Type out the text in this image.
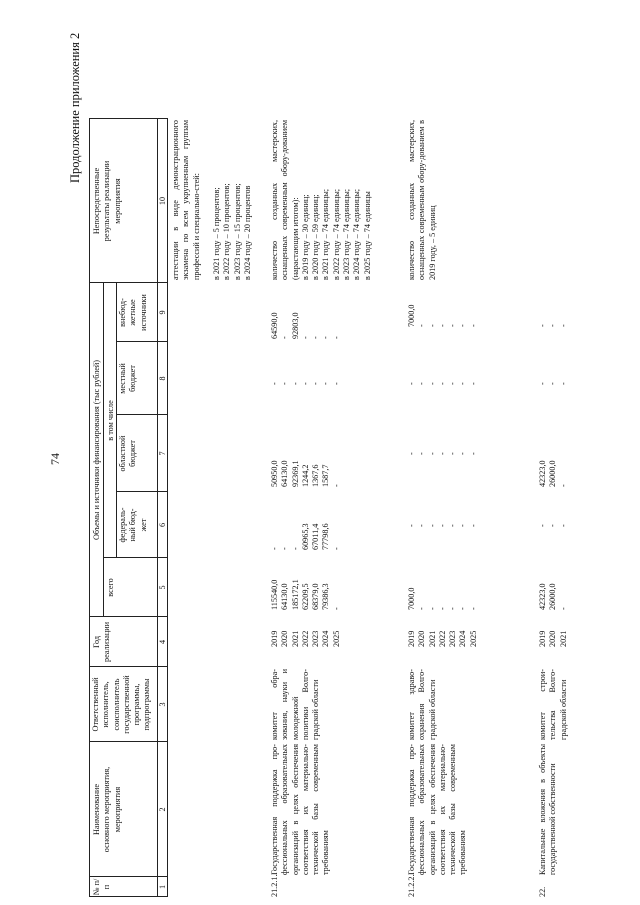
74
Продолжение приложения 2
№ п/п
Наименование
основного мероприятия,
мероприятия
Ответственный
исполнитель,
соисполнитель
государственной
программы,
подпрограммы
Год
реализации
Объемы и источники финансирования (тыс рублей)
всего
в том числе
федераль-
ный бюд-
жет
областной
бюджет
местный
бюджет
внебюд-
жетные
источники
Непосредственные
результаты реализации
мероприятия
1
2
3
4
5
6
7
8
9
10
аттестации в виде демонстрационного экзамена по всем укрупненным группам профессий и специально-стей:

в 2021 году – 5 процентов;
в 2022 году – 10 процентов;
в 2023 году – 15 процентов;
в 2024 году – 20 процентов
21.2.1.
Государственная поддержка про-фессиональных образовательных организаций в целях обеспечения соответствия их материально-технической базы современным требованиям
комитет обра-зования, науки и молодежной политики Волго-градской области
2019
2020
2021
2022
2023
2024
2025
115540,0
64130,0
185172,1
62209,5
68379,0
79386,3
-
-
-
-
60965,3
67011,4
77798,6
-
50950,0
64130,0
92369,1
1244,2
1367,6
1587,7
-
-
-
-
-
-
-
-
64590,0
-
92803,0
-
-
-
-
количество созданных мастерских, оснащенных современным обору-дованием (нарастающим итогом):
в 2019 году – 30 единиц;
в 2020 году – 59 единиц;
в 2021 году – 74 единицы;
в 2022 году – 74 единицы;
в 2023 году – 74 единицы;
в 2024 году – 74 единицы;
в 2025 году – 74 единицы
21.2.2.
Государственная поддержка про-фессиональных образовательных организаций в целях обеспечения соответствия их материально-технической базы современным требованиям
комитет здраво-охранения Волго-градской области
2019
2020
2021
2022
2023
2024
2025
7000,0
-
-
-
-
-
-
-
-
-
-
-
-
-
-
-
-
-
-
-
-
-
-
-
-
-
-
-
7000,0
-
-
-
-
-
-
количество созданных мастерских, оснащенных современным обору-дованием в 2019 году, – 5 единиц
22.
Капитальные вложения в объекты государственной собственности
комитет строи-тельства Волго-градской области
2019
2020
2021
42323,0
26000,0
-
-
-
-
42323,0
26000,0
-
-
-
-
-
-
-
